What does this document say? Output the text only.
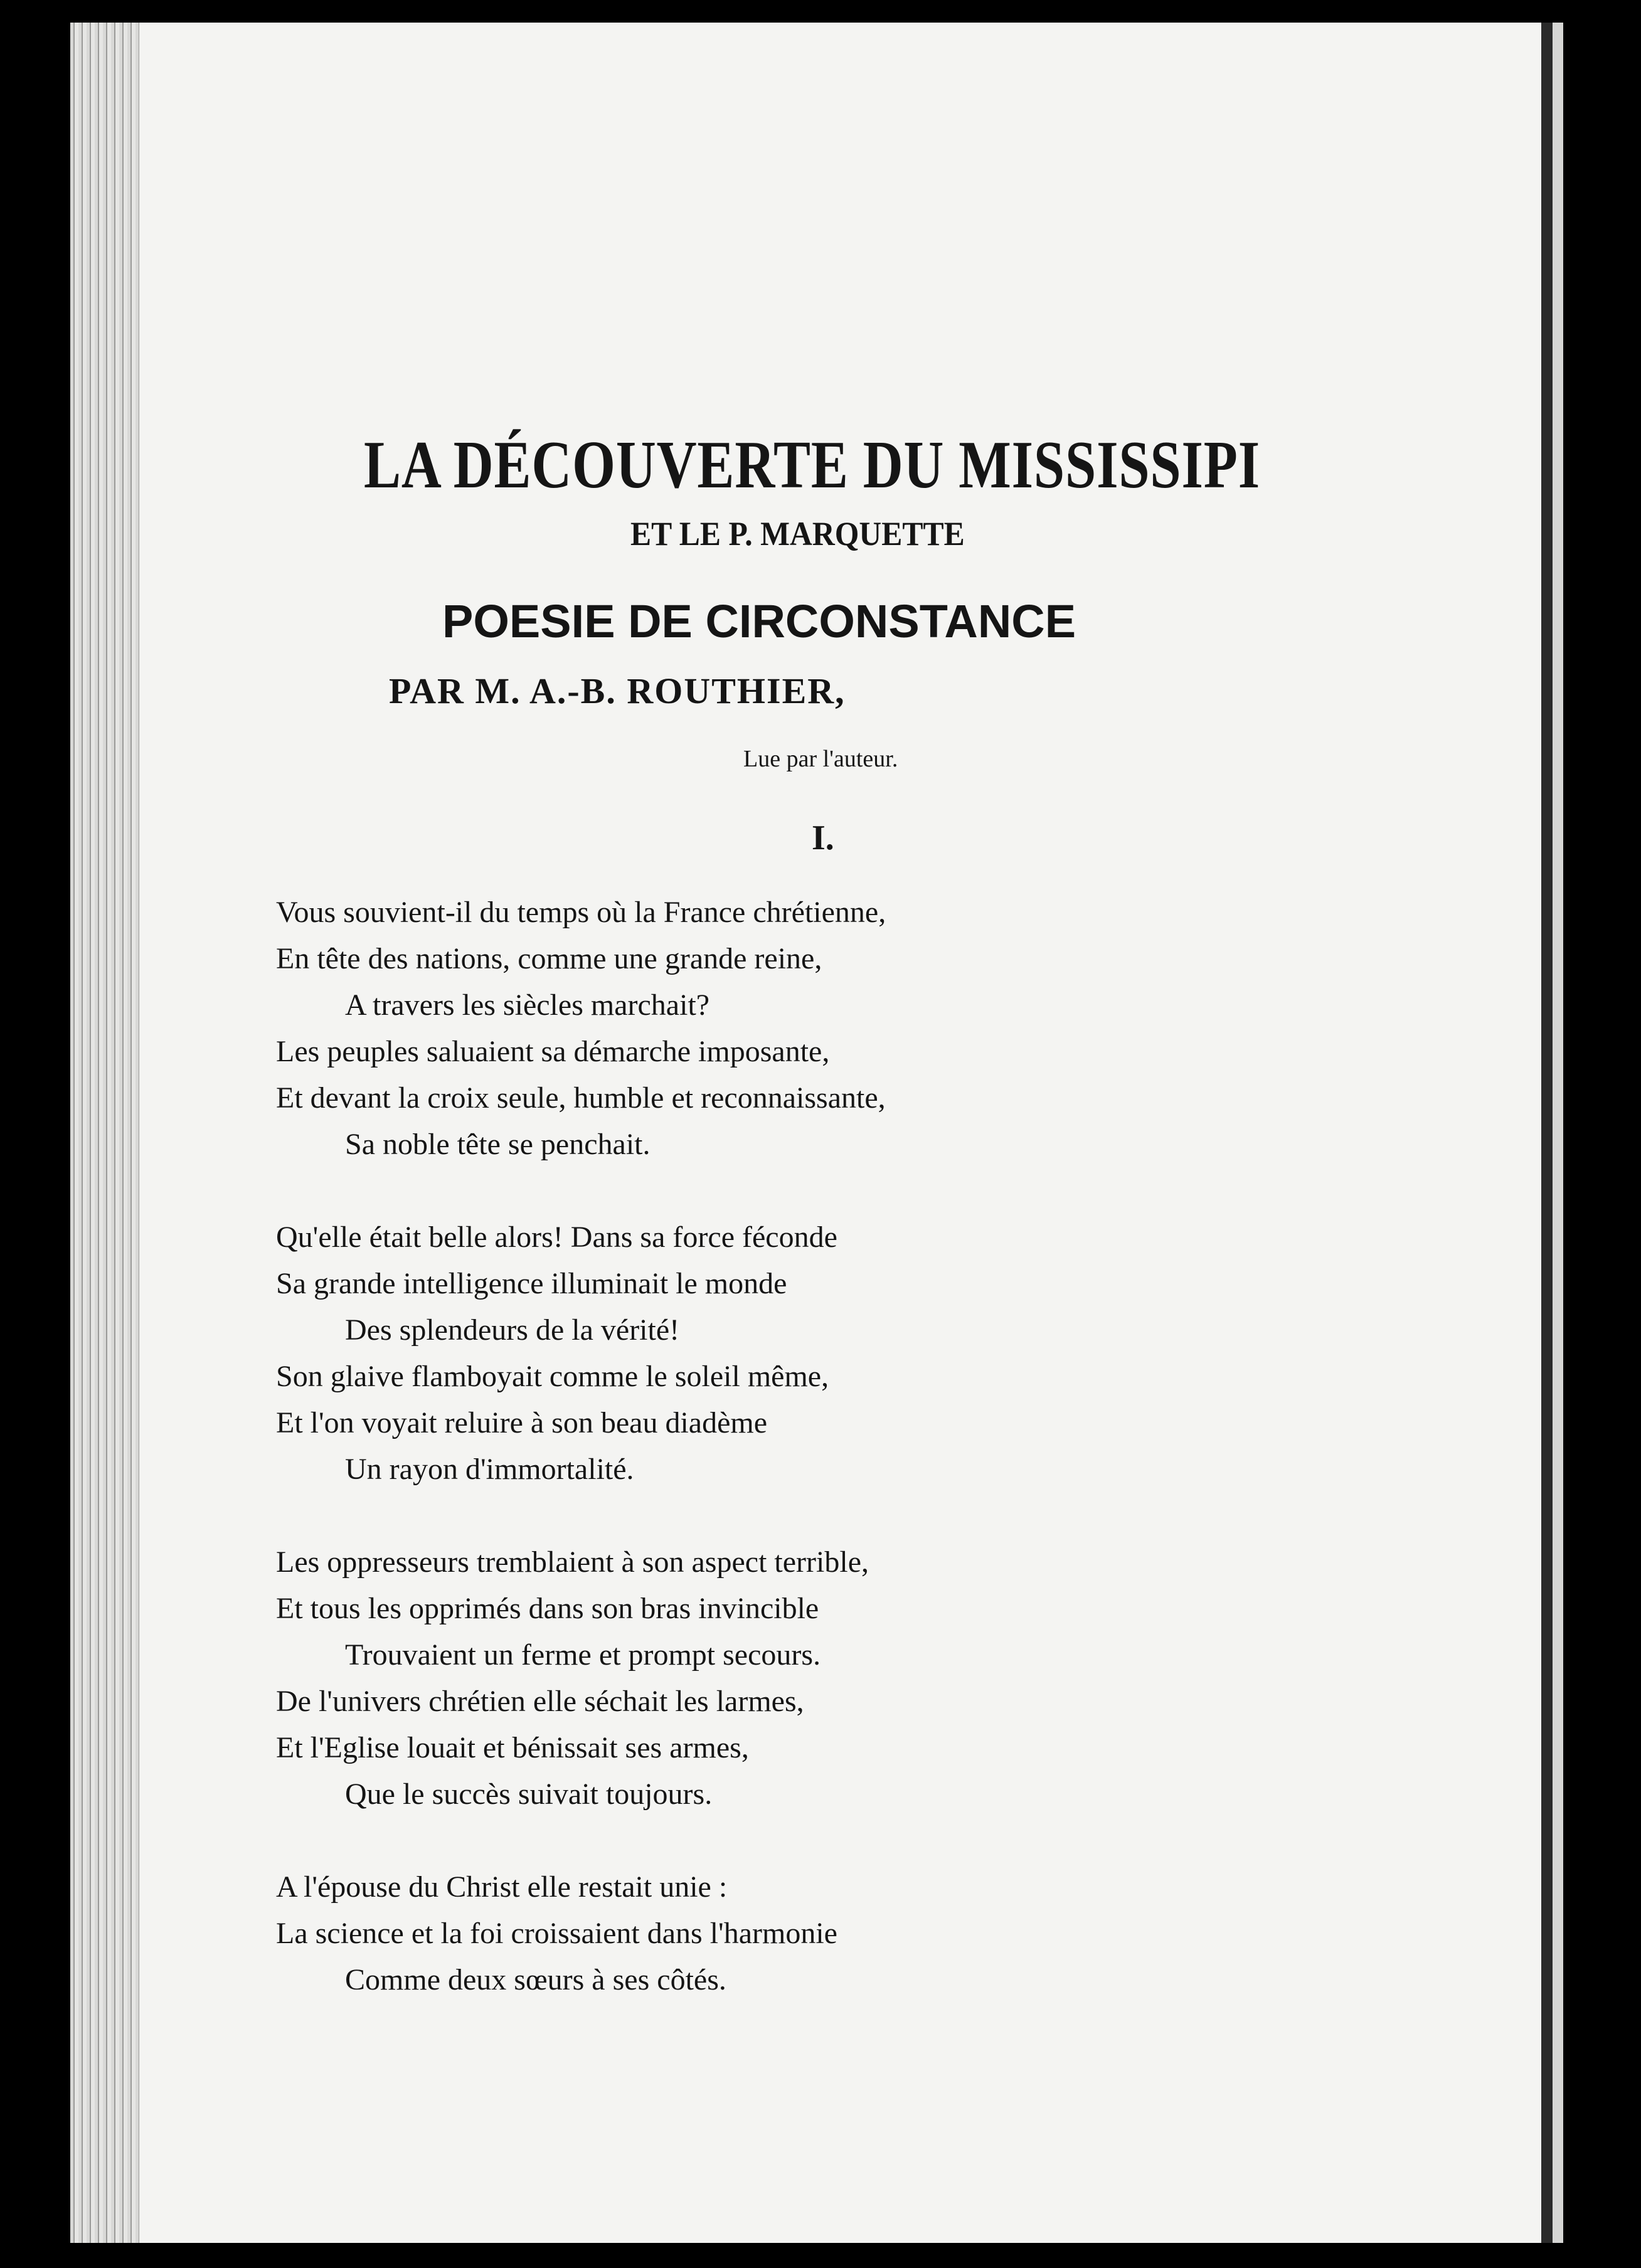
LA DÉCOUVERTE DU MISSISSIPI
ET LE P. MARQUETTE
POESIE DE CIRCONSTANCE
PAR M. A.-B. ROUTHIER,
Lue par l'auteur.
I.
Vous souvient-il du temps où la France chrétienne,
En tête des nations, comme une grande reine,
A travers les siècles marchait?
Les peuples saluaient sa démarche imposante,
Et devant la croix seule, humble et reconnaissante,
Sa noble tête se penchait.
Qu'elle était belle alors! Dans sa force féconde
Sa grande intelligence illuminait le monde
Des splendeurs de la vérité!
Son glaive flamboyait comme le soleil même,
Et l'on voyait reluire à son beau diadème
Un rayon d'immortalité.
Les oppresseurs tremblaient à son aspect terrible,
Et tous les opprimés dans son bras invincible
Trouvaient un ferme et prompt secours.
De l'univers chrétien elle séchait les larmes,
Et l'Eglise louait et bénissait ses armes,
Que le succès suivait toujours.
A l'épouse du Christ elle restait unie :
La science et la foi croissaient dans l'harmonie
Comme deux sœurs à ses côtés.
